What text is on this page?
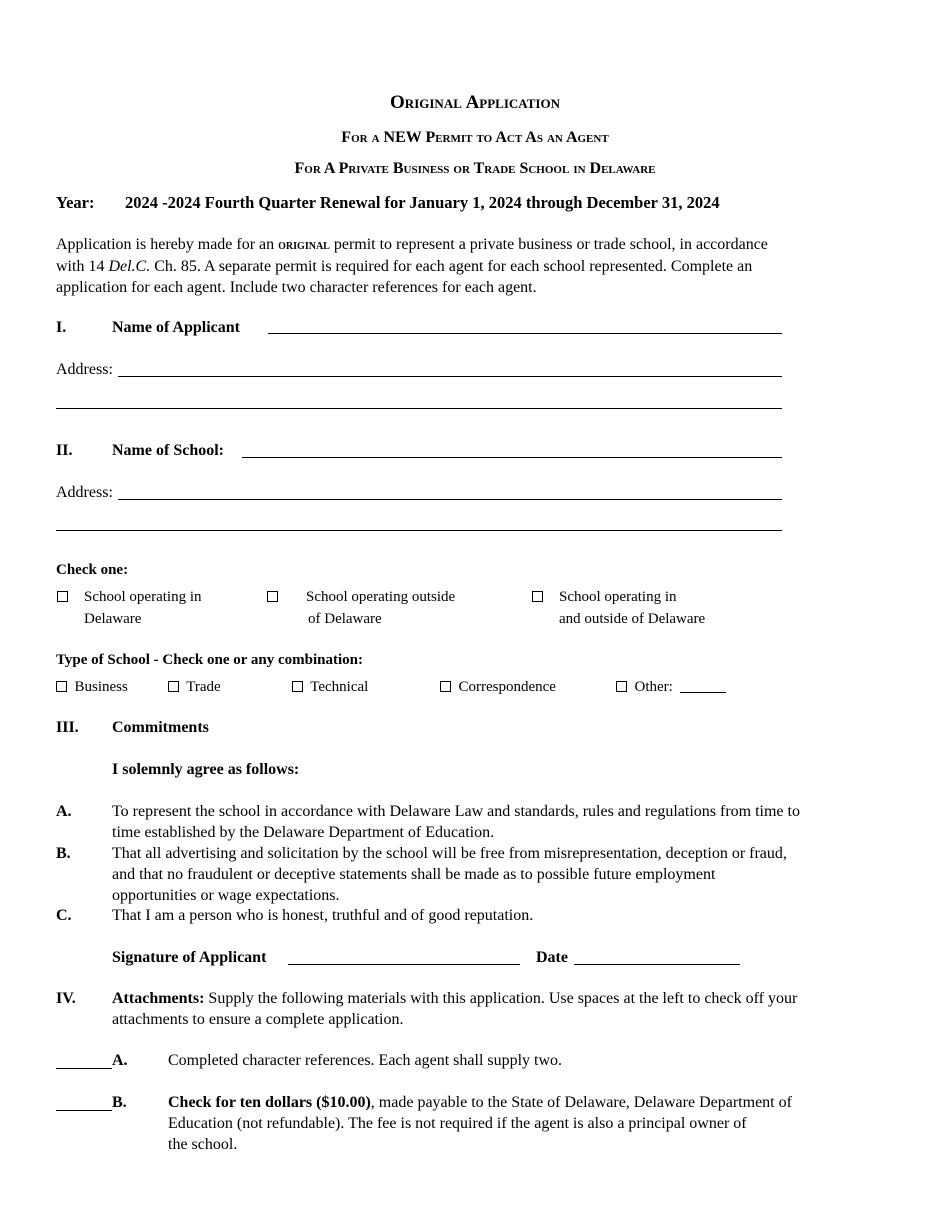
Original Application
For a NEW Permit to Act As an Agent
For A Private Business or Trade School in Delaware
Year: 2024 -2024 Fourth Quarter Renewal for January 1, 2024 through December 31, 2024
Application is hereby made for an original permit to represent a private business or trade school, in accordance
with 14 Del.C. Ch. 85. A separate permit is required for each agent for each school represented. Complete an
application for each agent. Include two character references for each agent.
I.	Name of Applicant
Address:
II. Name of School:
Address:
Check one:
School operating in
Delaware
School operating outside
of Delaware
School operating in
and outside of Delaware
Type of School - Check one or any combination:
Business	Trade	Technical	Correspondence	Other:
III. Commitments
I solemnly agree as follows:
A.	To represent the school in accordance with Delaware Law and standards, rules and regulations from time to
time established by the Delaware Department of Education.
B.	That all advertising and solicitation by the school will be free from misrepresentation, deception or fraud,
and that no fraudulent or deceptive statements shall be made as to possible future employment
opportunities or wage expectations.
C.	That I am a person who is honest, truthful and of good reputation.
Signature of Applicant	Date
IV. Attachments: Supply the following materials with this application. Use spaces at the left to check off your
attachments to ensure a complete application.
A.	Completed character references. Each agent shall supply two.
B.	Check for ten dollars ($10.00), made payable to the State of Delaware, Delaware Department of
Education (not refundable). The fee is not required if the agent is also a principal owner of
the school.
